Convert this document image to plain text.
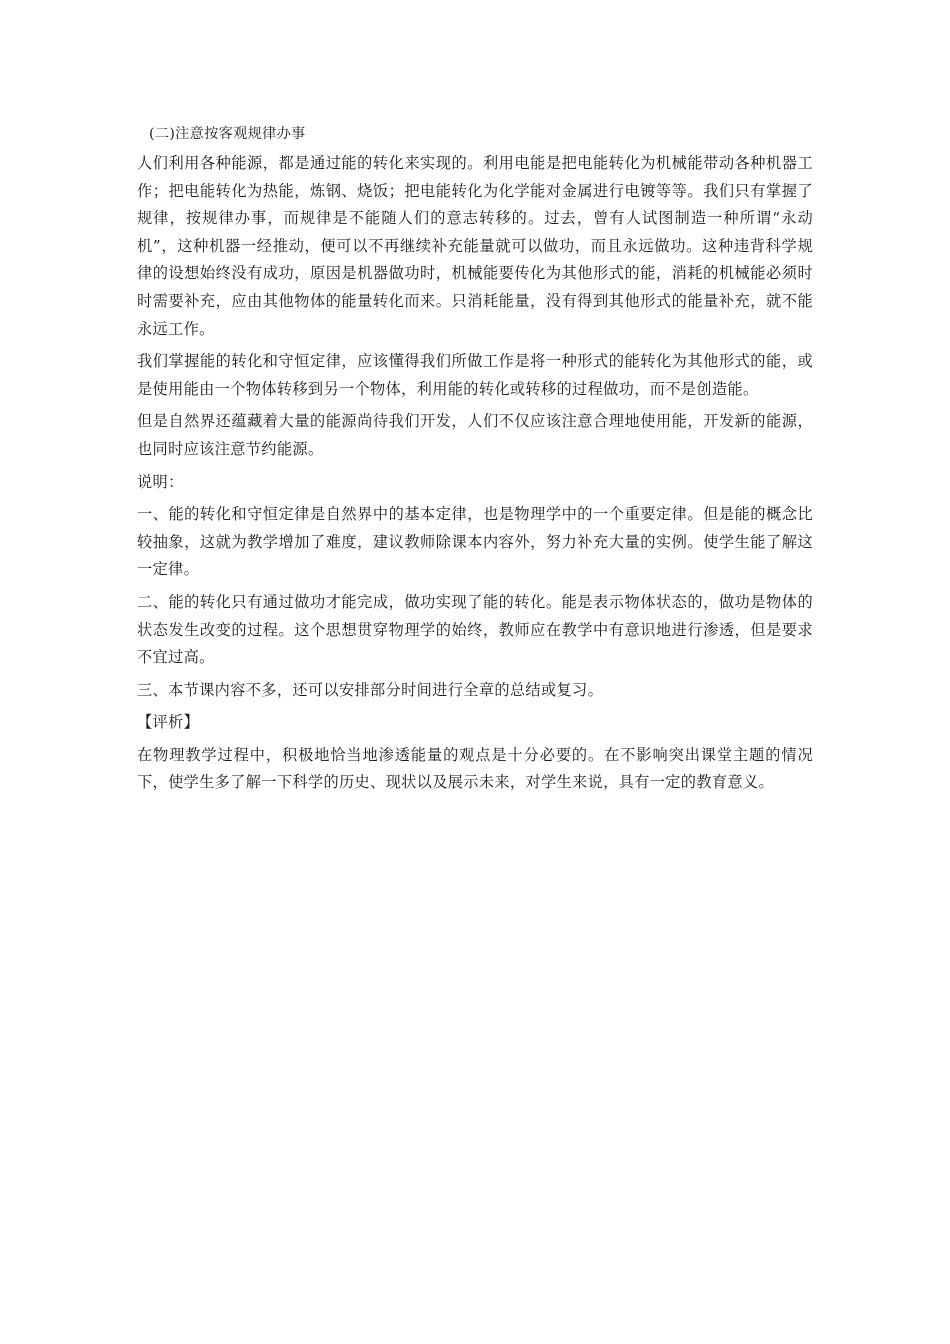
(二)注意按客观规律办事

人们利用各种能源，都是通过能的转化来实现的。利用电能是把电能转化为机械能带动各种机器工作；把电能转化为热能，炼钢、烧饭；把电能转化为化学能对金属进行电镀等等。我们只有掌握了规律，按规律办事，而规律是不能随人们的意志转移的。过去，曾有人试图制造一种所谓“永动机”，这种机器一经推动，便可以不再继续补充能量就可以做功，而且永远做功。这种违背科学规律的设想始终没有成功，原因是机器做功时，机械能要传化为其他形式的能，消耗的机械能必须时时需要补充，应由其他物体的能量转化而来。只消耗能量，没有得到其他形式的能量补充，就不能永远工作。

我们掌握能的转化和守恒定律，应该懂得我们所做工作是将一种形式的能转化为其他形式的能，或是使用能由一个物体转移到另一个物体，利用能的转化或转移的过程做功，而不是创造能。

但是自然界还蕴藏着大量的能源尚待我们开发，人们不仅应该注意合理地使用能，开发新的能源，也同时应该注意节约能源。

说明：

一、能的转化和守恒定律是自然界中的基本定律，也是物理学中的一个重要定律。但是能的概念比较抽象，这就为教学增加了难度，建议教师除课本内容外，努力补充大量的实例。使学生能了解这一定律。

二、能的转化只有通过做功才能完成，做功实现了能的转化。能是表示物体状态的，做功是物体的状态发生改变的过程。这个思想贯穿物理学的始终，教师应在教学中有意识地进行渗透，但是要求不宜过高。

三、本节课内容不多，还可以安排部分时间进行全章的总结或复习。

【评析】

在物理教学过程中，积极地恰当地渗透能量的观点是十分必要的。在不影响突出课堂主题的情况下，使学生多了解一下科学的历史、现状以及展示未来，对学生来说，具有一定的教育意义。
